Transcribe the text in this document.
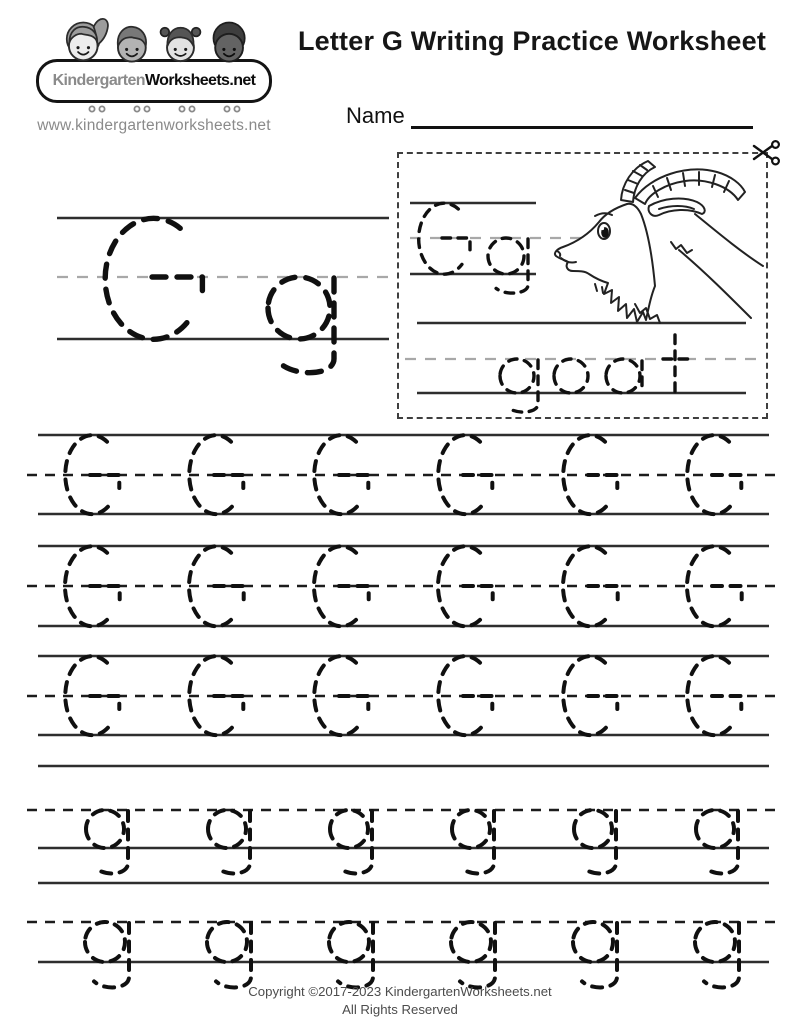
Kindergarten Worksheets.net
www.kindergartenworksheets.net
Letter G Writing Practice Worksheet
Name
Copyright ©2017-2023 KindergartenWorksheets.net
All Rights Reserved
